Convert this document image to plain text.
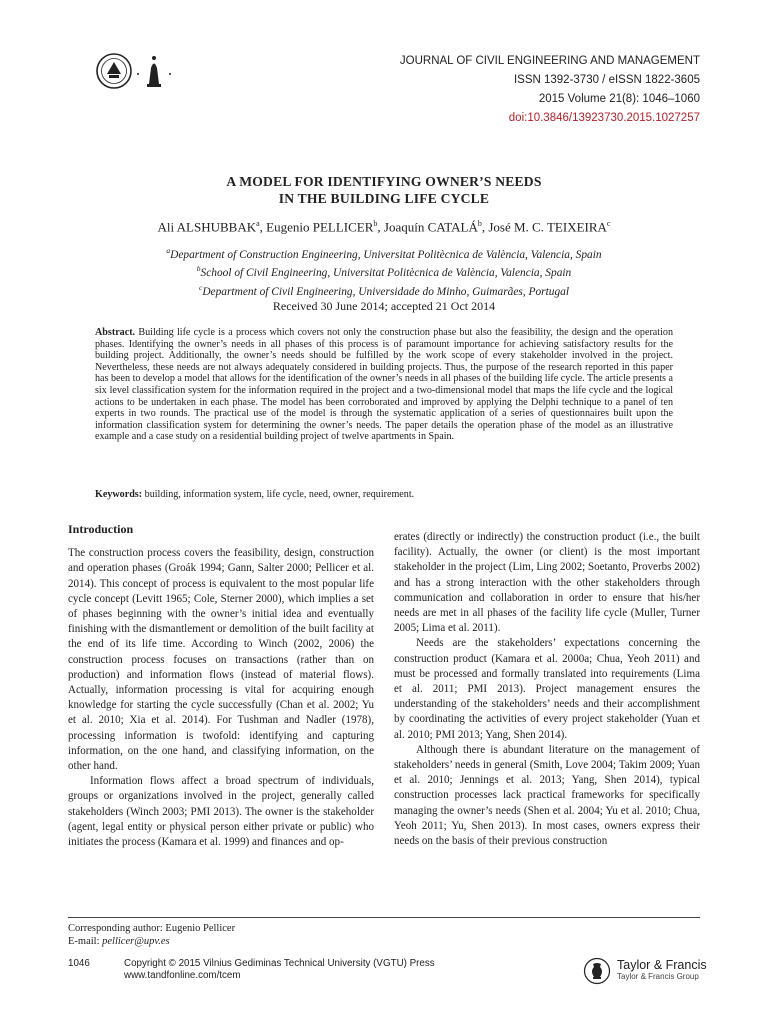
JOURNAL OF CIVIL ENGINEERING AND MANAGEMENT
ISSN 1392-3730 / eISSN 1822-3605
2015 Volume 21(8): 1046–1060
doi:10.3846/13923730.2015.1027257
A MODEL FOR IDENTIFYING OWNER’S NEEDS
IN THE BUILDING LIFE CYCLE
Ali ALSHUBBAK$^a$, Eugenio PELLICER$^b$, Joaquín CATALÁ$^b$, José M. C. TEIXEIRA$^c$
$^a$Department of Construction Engineering, Universitat Politècnica de València, Valencia, Spain
$^b$School of Civil Engineering, Universitat Politècnica de València, Valencia, Spain
$^c$Department of Civil Engineering, Universidade do Minho, Guimarães, Portugal
Received 30 June 2014; accepted 21 Oct 2014
Abstract. Building life cycle is a process which covers not only the construction phase but also the feasibility, the design and the operation phases. Identifying the owner’s needs in all phases of this process is of paramount importance for achieving satisfactory results for the building project. Additionally, the owner’s needs should be fulfilled by the work scope of every stakeholder involved in the project. Nevertheless, these needs are not always adequately considered in building projects. Thus, the purpose of the research reported in this paper has been to develop a model that allows for the identification of the owner’s needs in all phases of the building life cycle. The article presents a six level classification system for the information required in the project and a two-dimensional model that maps the life cycle and the logical actions to be undertaken in each phase. The model has been corroborated and improved by applying the Delphi technique to a panel of ten experts in two rounds. The practical use of the model is through the systematic application of a series of questionnaires built upon the information classification system for determining the owner’s needs. The paper details the operation phase of the model as an illustrative example and a case study on a residential building project of twelve apartments in Spain.
Keywords: building, information system, life cycle, need, owner, requirement.

Introduction

The construction process covers the feasibility, design, construction and operation phases (Groák 1994; Gann, Salter 2000; Pellicer et al. 2014). This concept of process is equivalent to the most popular life cycle concept (Levitt 1965; Cole, Sterner 2000), which implies a set of phases beginning with the owner’s initial idea and eventually finishing with the dismantlement or demolition of the built facility at the end of its life time. According to Winch (2002, 2006) the construction process focuses on transactions (rather than on production) and information flows (instead of material flows). Actually, information processing is vital for acquiring enough knowledge for starting the cycle successfully (Chan et al. 2002; Yu et al. 2010; Xia et al. 2014). For Tushman and Nadler (1978), processing information is twofold: identifying and capturing information, on the one hand, and classifying information, on the other hand.

Information flows affect a broad spectrum of individuals, groups or organizations involved in the project, generally called stakeholders (Winch 2003; PMI 2013). The owner is the stakeholder (agent, legal entity or physical person either private or public) who initiates the process (Kamara et al. 1999) and finances and op-

erates (directly or indirectly) the construction product (i.e., the built facility). Actually, the owner (or client) is the most important stakeholder in the project (Lim, Ling 2002; Soetanto, Proverbs 2002) and has a strong interaction with the other stakeholders through communication and collaboration in order to ensure that his/her needs are met in all phases of the facility life cycle (Muller, Turner 2005; Lima et al. 2011).

Needs are the stakeholders’ expectations concerning the construction product (Kamara et al. 2000a; Chua, Yeoh 2011) and must be processed and formally translated into requirements (Lima et al. 2011; PMI 2013). Project management ensures the understanding of the stakeholders’ needs and their accomplishment by coordinating the activities of every project stakeholder (Yuan et al. 2010; PMI 2013; Yang, Shen 2014).

Although there is abundant literature on the management of stakeholders’ needs in general (Smith, Love 2004; Takim 2009; Yuan et al. 2010; Jennings et al. 2013; Yang, Shen 2014), typical construction processes lack practical frameworks for specifically managing the owner’s needs (Shen et al. 2004; Yu et al. 2010; Chua, Yeoh 2011; Yu, Shen 2013). In most cases, owners express their needs on the basis of their previous construction

Corresponding author: Eugenio Pellicer
E-mail: pellicer@upv.es
1046	Copyright © 2015 Vilnius Gediminas Technical University (VGTU) Press
www.tandfonline.com/tcem
Taylor & Francis
Taylor & Francis Group
